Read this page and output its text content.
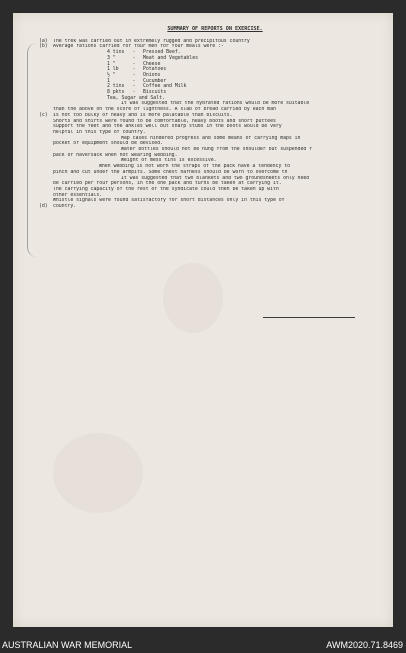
SUMMARY OF REPORTS ON EXERCISE.
(a)	The trek was carried out in extremely rugged and precipitous country
(b)	Average rations carried for four men for four meals were :-
4 tins	-	Pressed Beef.
3 "	-	Meat and Vegetables
1 "	-	Cheese
1 lb	-	Potatoes
½ "	-	Onions
1	-	Cucumber
2 tins	-	Coffee and Milk
8 pkts	-	Biscuits
Tea, Sugar and Salt.
It was suggested that the hydrated rations would be more suitable
than the above on the score of lightness. A slab of bread carried by each man
(c)	is not too bulky or heavy and is more palatable than biscuits.
Shorts and shirts were found to be comfortable, heavy boots and short puttees
support the feet and the ankles well but sharp studs in the boots would be very
helpful in this type of country.
Map cases hindered progress and some means of carrying maps in
pocket or equipment should be devised.
Water bottles should not be hung from the shoulder but suspended f
pack or haversack when not wearing webbing.
Weight of mess tins is excessive.
When webbing is not worn the straps of the pack have a tendency to
pinch and cut under the armpits. Some chest harness should be worn to overcome th
It was suggested that two blankets and two groundsheets only need
be carried per four persons, in the one pack and turns be taken at carrying it.
The carrying capacity of the rest of the syndicate could then be taken up with
other essentials.
Whistle signals were found satisfactory for short distances only in this type of
(d)	country.
AUSTRALIAN WAR MEMORIAL	AWM2020.71.8469
